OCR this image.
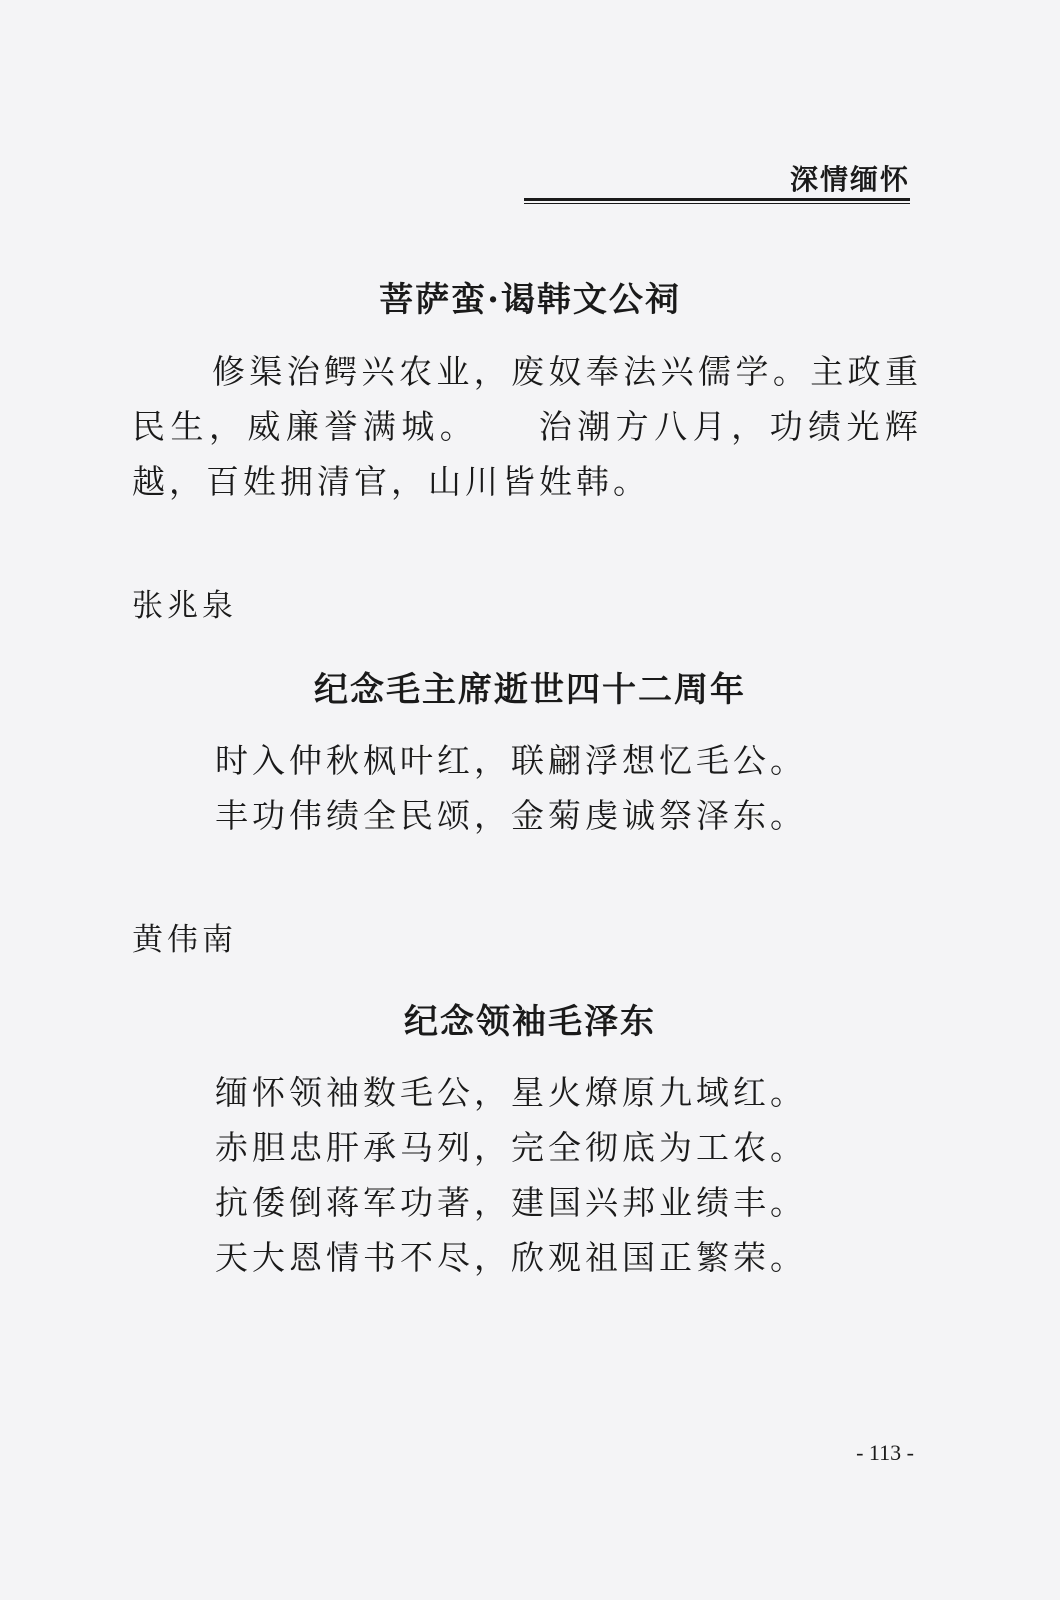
深情缅怀
菩萨蛮·谒韩文公祠

修渠治鳄兴农业，废奴奉法兴儒学。主政重民生，威廉誉满城。　　治潮方八月，功绩光辉越，百姓拥清官，山川皆姓韩。

张兆泉
纪念毛主席逝世四十二周年
时入仲秋枫叶红，联翩浮想忆毛公。
丰功伟绩全民颂，金菊虔诚祭泽东。
黄伟南
纪念领袖毛泽东
缅怀领袖数毛公，星火燎原九域红。
赤胆忠肝承马列，完全彻底为工农。
抗倭倒蒋军功著，建国兴邦业绩丰。
天大恩情书不尽，欣观祖国正繁荣。
- 113 -
